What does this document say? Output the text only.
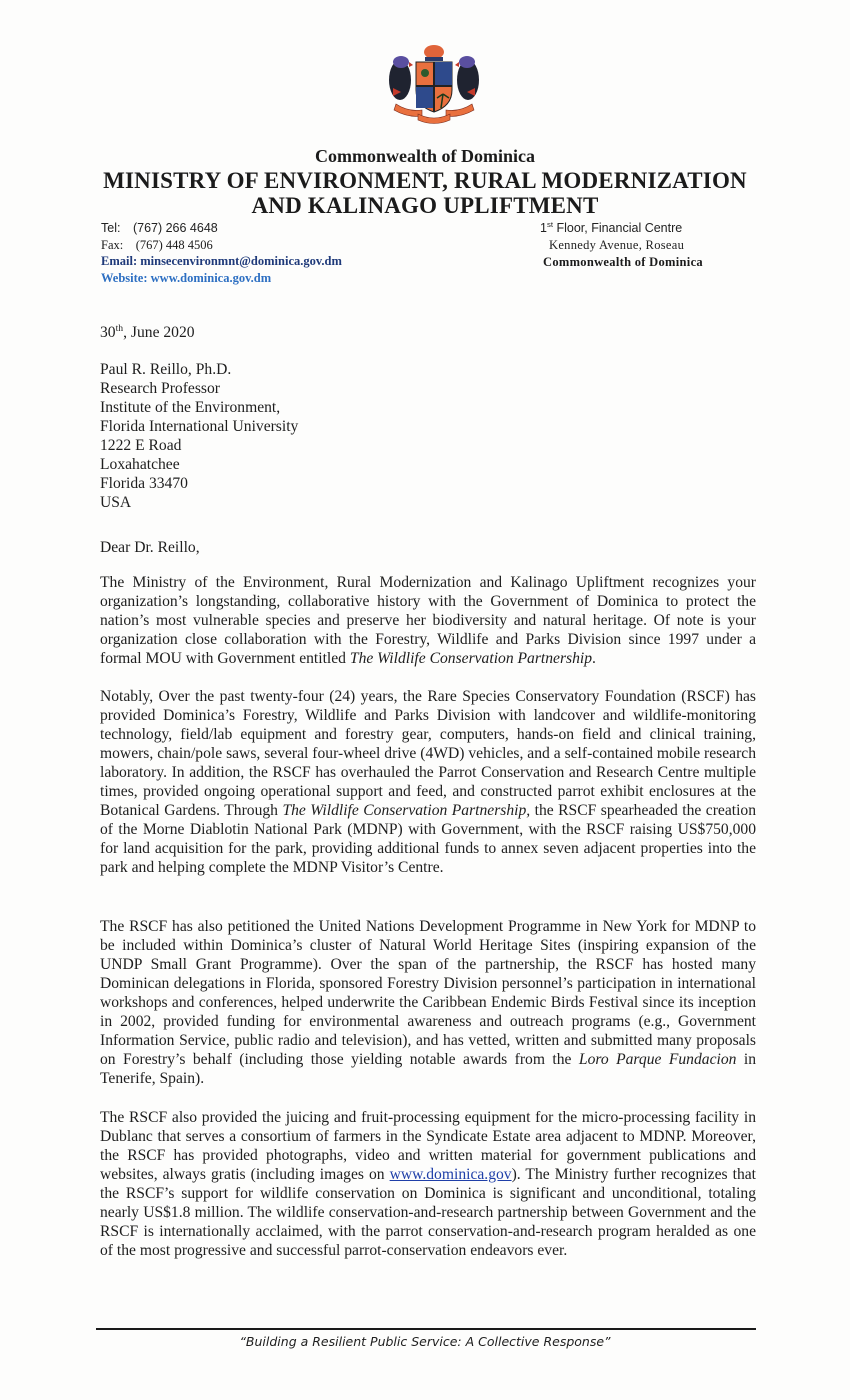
Commonwealth of Dominica
MINISTRY OF ENVIRONMENT, RURAL MODERNIZATION
AND KALINAGO UPLIFTMENT
Tel: (767) 266 4648
Fax: (767) 448 4506
Email: minsecenvironmnt@dominica.gov.dm
Website: www.dominica.gov.dm
1st Floor, Financial Centre
Kennedy Avenue, Roseau
Commonwealth of Dominica
30th, June 2020
Paul R. Reillo, Ph.D.
Research Professor
Institute of the Environment,
Florida International University
1222 E Road
Loxahatchee
Florida 33470
USA
Dear Dr. Reillo,

The Ministry of the Environment, Rural Modernization and Kalinago Upliftment recognizes your organization’s longstanding, collaborative history with the Government of Dominica to protect the nation’s most vulnerable species and preserve her biodiversity and natural heritage. Of note is your organization close collaboration with the Forestry, Wildlife and Parks Division since 1997 under a formal MOU with Government entitled The Wildlife Conservation Partnership.

Notably, Over the past twenty-four (24) years, the Rare Species Conservatory Foundation (RSCF) has provided Dominica’s Forestry, Wildlife and Parks Division with landcover and wildlife-monitoring technology, field/lab equipment and forestry gear, computers, hands-on field and clinical training, mowers, chain/pole saws, several four-wheel drive (4WD) vehicles, and a self-contained mobile research laboratory. In addition, the RSCF has overhauled the Parrot Conservation and Research Centre multiple times, provided ongoing operational support and feed, and constructed parrot exhibit enclosures at the Botanical Gardens. Through The Wildlife Conservation Partnership, the RSCF spearheaded the creation of the Morne Diablotin National Park (MDNP) with Government, with the RSCF raising US$750,000 for land acquisition for the park, providing additional funds to annex seven adjacent properties into the park and helping complete the MDNP Visitor’s Centre.

The RSCF has also petitioned the United Nations Development Programme in New York for MDNP to be included within Dominica’s cluster of Natural World Heritage Sites (inspiring expansion of the UNDP Small Grant Programme). Over the span of the partnership, the RSCF has hosted many Dominican delegations in Florida, sponsored Forestry Division personnel’s participation in international workshops and conferences, helped underwrite the Caribbean Endemic Birds Festival since its inception in 2002, provided funding for environmental awareness and outreach programs (e.g., Government Information Service, public radio and television), and has vetted, written and submitted many proposals on Forestry’s behalf (including those yielding notable awards from the Loro Parque Fundacion in Tenerife, Spain).

The RSCF also provided the juicing and fruit-processing equipment for the micro-processing facility in Dublanc that serves a consortium of farmers in the Syndicate Estate area adjacent to MDNP. Moreover, the RSCF has provided photographs, video and written material for government publications and websites, always gratis (including images on www.dominica.gov). The Ministry further recognizes that the RSCF’s support for wildlife conservation on Dominica is significant and unconditional, totaling nearly US$1.8 million. The wildlife conservation-and-research partnership between Government and the RSCF is internationally acclaimed, with the parrot conservation-and-research program heralded as one of the most progressive and successful parrot-conservation endeavors ever.

“Building a Resilient Public Service: A Collective Response”
